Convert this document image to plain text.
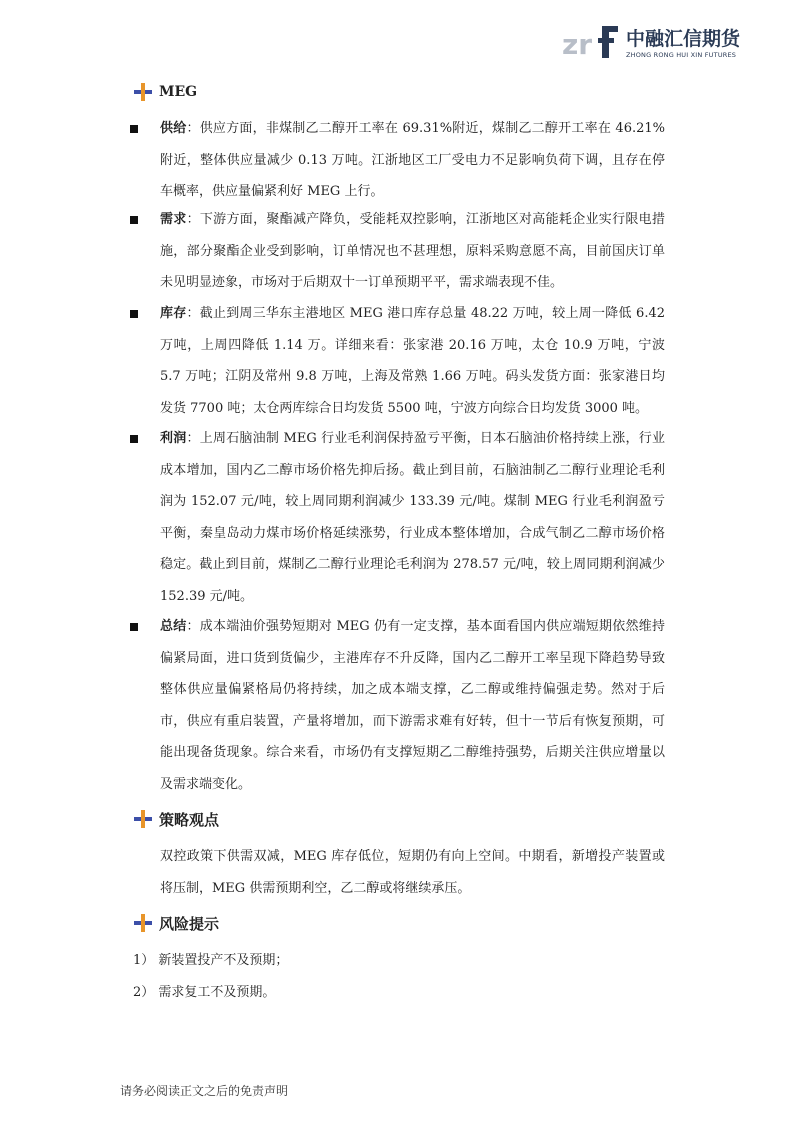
zr 中融汇信期货
ZHONG RONG HUI XIN FUTURES
MEG

供给：供应方面，非煤制乙二醇开工率在 69.31%附近，煤制乙二醇开工率在 46.21%附近，整体供应量减少 0.13 万吨。江浙地区工厂受电力不足影响负荷下调，且存在停车概率，供应量偏紧利好 MEG 上行。

需求：下游方面，聚酯减产降负，受能耗双控影响，江浙地区对高能耗企业实行限电措施，部分聚酯企业受到影响，订单情况也不甚理想，原料采购意愿不高，目前国庆订单未见明显迹象，市场对于后期双十一订单预期平平，需求端表现不佳。

库存：截止到周三华东主港地区 MEG 港口库存总量 48.22 万吨，较上周一降低 6.42 万吨，上周四降低 1.14 万。详细来看：张家港 20.16 万吨，太仓 10.9 万吨，宁波 5.7 万吨；江阴及常州 9.8 万吨，上海及常熟 1.66 万吨。码头发货方面：张家港日均发货 7700 吨；太仓两库综合日均发货 5500 吨，宁波方向综合日均发货 3000 吨。

利润：上周石脑油制 MEG 行业毛利润保持盈亏平衡，日本石脑油价格持续上涨，行业成本增加，国内乙二醇市场价格先抑后扬。截止到目前，石脑油制乙二醇行业理论毛利润为 152.07 元/吨，较上周同期利润减少 133.39 元/吨。煤制 MEG 行业毛利润盈亏平衡，秦皇岛动力煤市场价格延续涨势，行业成本整体增加，合成气制乙二醇市场价格稳定。截止到目前，煤制乙二醇行业理论毛利润为 278.57 元/吨，较上周同期利润减少 152.39 元/吨。

总结：成本端油价强势短期对 MEG 仍有一定支撑，基本面看国内供应端短期依然维持偏紧局面，进口货到货偏少，主港库存不升反降，国内乙二醇开工率呈现下降趋势导致整体供应量偏紧格局仍将持续，加之成本端支撑，乙二醇或维持偏强走势。然对于后市，供应有重启装置，产量将增加，而下游需求难有好转，但十一节后有恢复预期，可能出现备货现象。综合来看，市场仍有支撑短期乙二醇维持强势，后期关注供应增量以及需求端变化。

策略观点

双控政策下供需双减，MEG 库存低位，短期仍有向上空间。中期看，新增投产装置或将压制，MEG 供需预期利空，乙二醇或将继续承压。

风险提示

1） 新装置投产不及预期；

2） 需求复工不及预期。

请务必阅读正文之后的免责声明
